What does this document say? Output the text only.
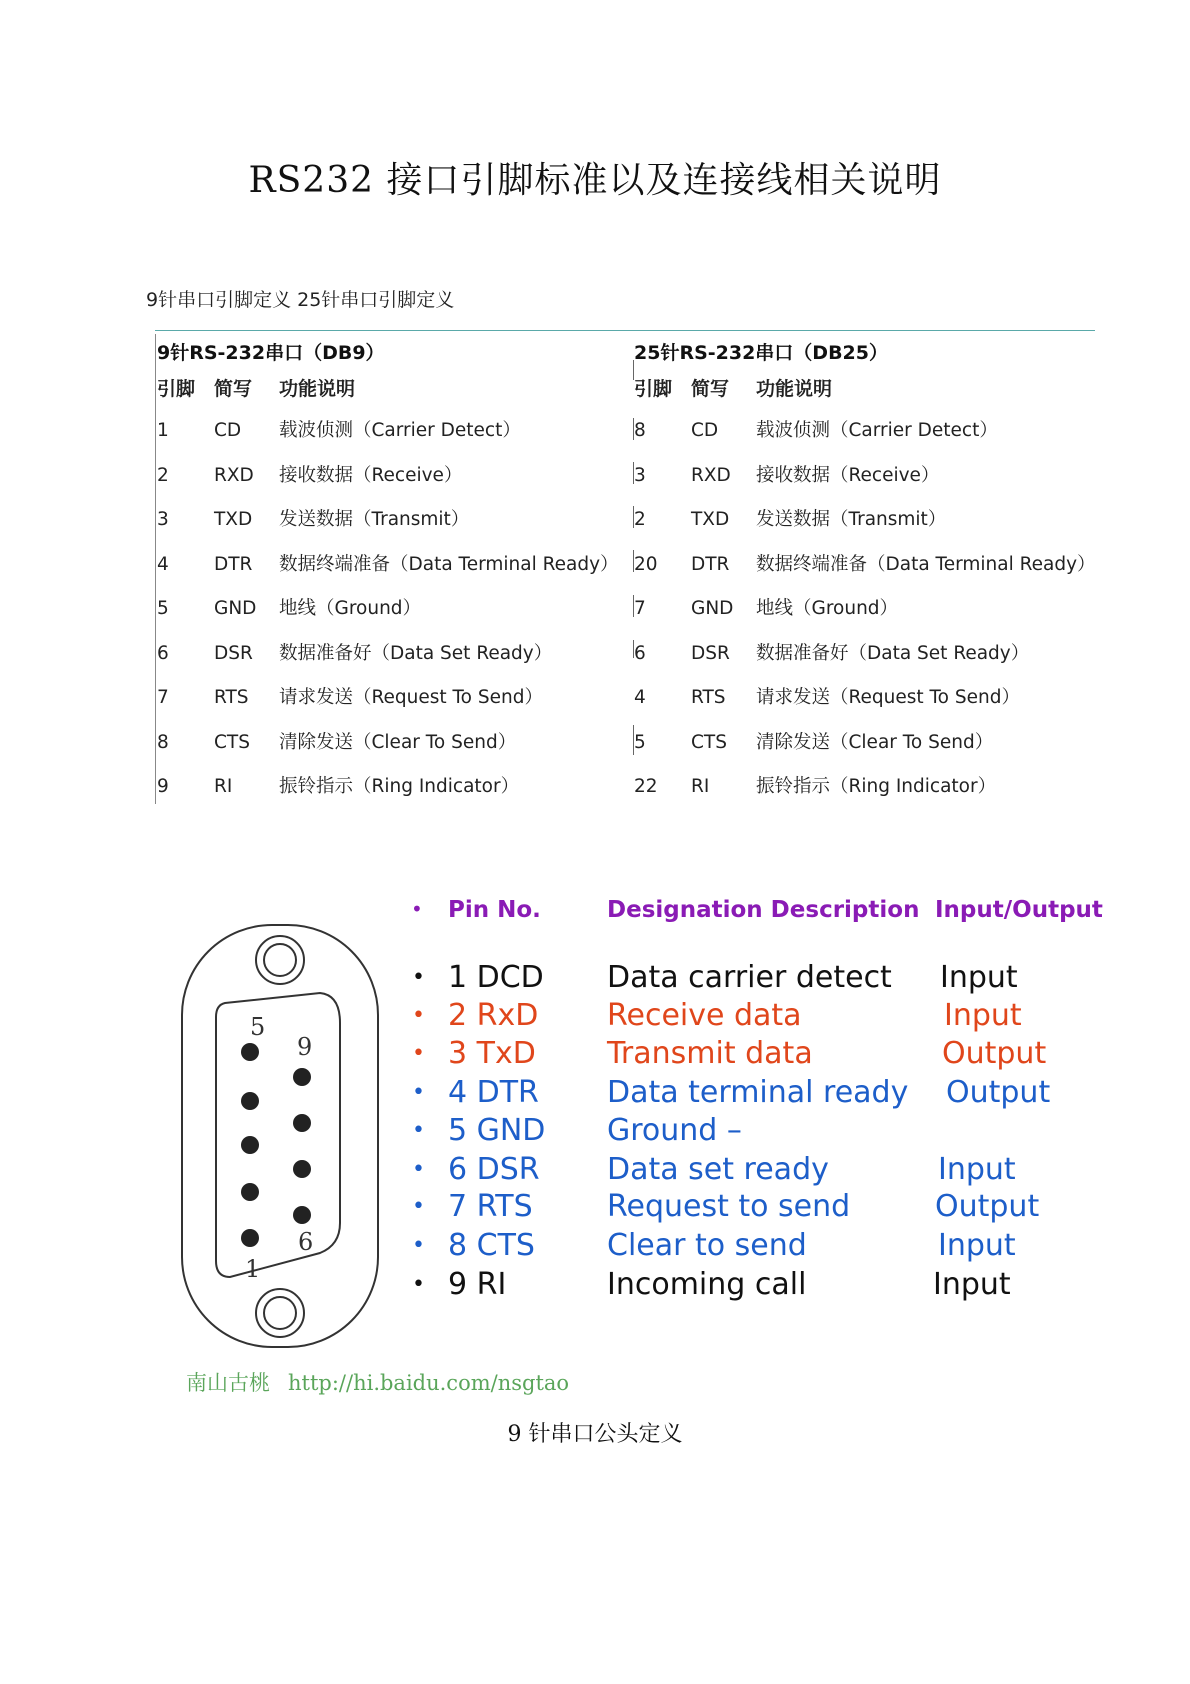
RS232 接口引脚标准以及连接线相关说明
9针串口引脚定义 25针串口引脚定义
9针RS-232串口（DB9）
引脚 简写 功能说明
1 CD 载波侦测（Carrier Detect）
2 RXD 接收数据（Receive）
3 TXD 发送数据（Transmit）
4 DTR 数据终端准备（Data Terminal Ready）
5 GND 地线（Ground）
6 DSR 数据准备好（Data Set Ready）
7 RTS 请求发送（Request To Send）
8 CTS 清除发送（Clear To Send）
9 RI	振铃指示（Ring Indicator）
25针RS-232串口（DB25）
引脚 简写 功能说明
8 CD 载波侦测（Carrier Detect）
3 RXD 接收数据（Receive）
2 TXD 发送数据（Transmit）
20 DTR 数据终端准备（Data Terminal Ready）
7 GND 地线（Ground）
6 DSR 数据准备好（Data Set Ready）
4 RTS 请求发送（Request To Send）
5 CTS 清除发送（Clear To Send）
22 RI	振铃指示（Ring Indicator）
5
9
1
6
• Pin No.	Designation Description Input/Output
• 1 DCD Data carrier detect Input
• 2 RxD Receive data	Input
• 3 TxD Transmit data	Output
• 4 DTR Data terminal ready Output
• 5 GND Ground –
• 6 DSR Data set ready	Input
• 7 RTS Request to send	Output
• 8 CTS Clear to send	Input
• 9 RI	Incoming call	Input
南山古桃 http://hi.baidu.com/nsgtao
9 针串口公头定义
